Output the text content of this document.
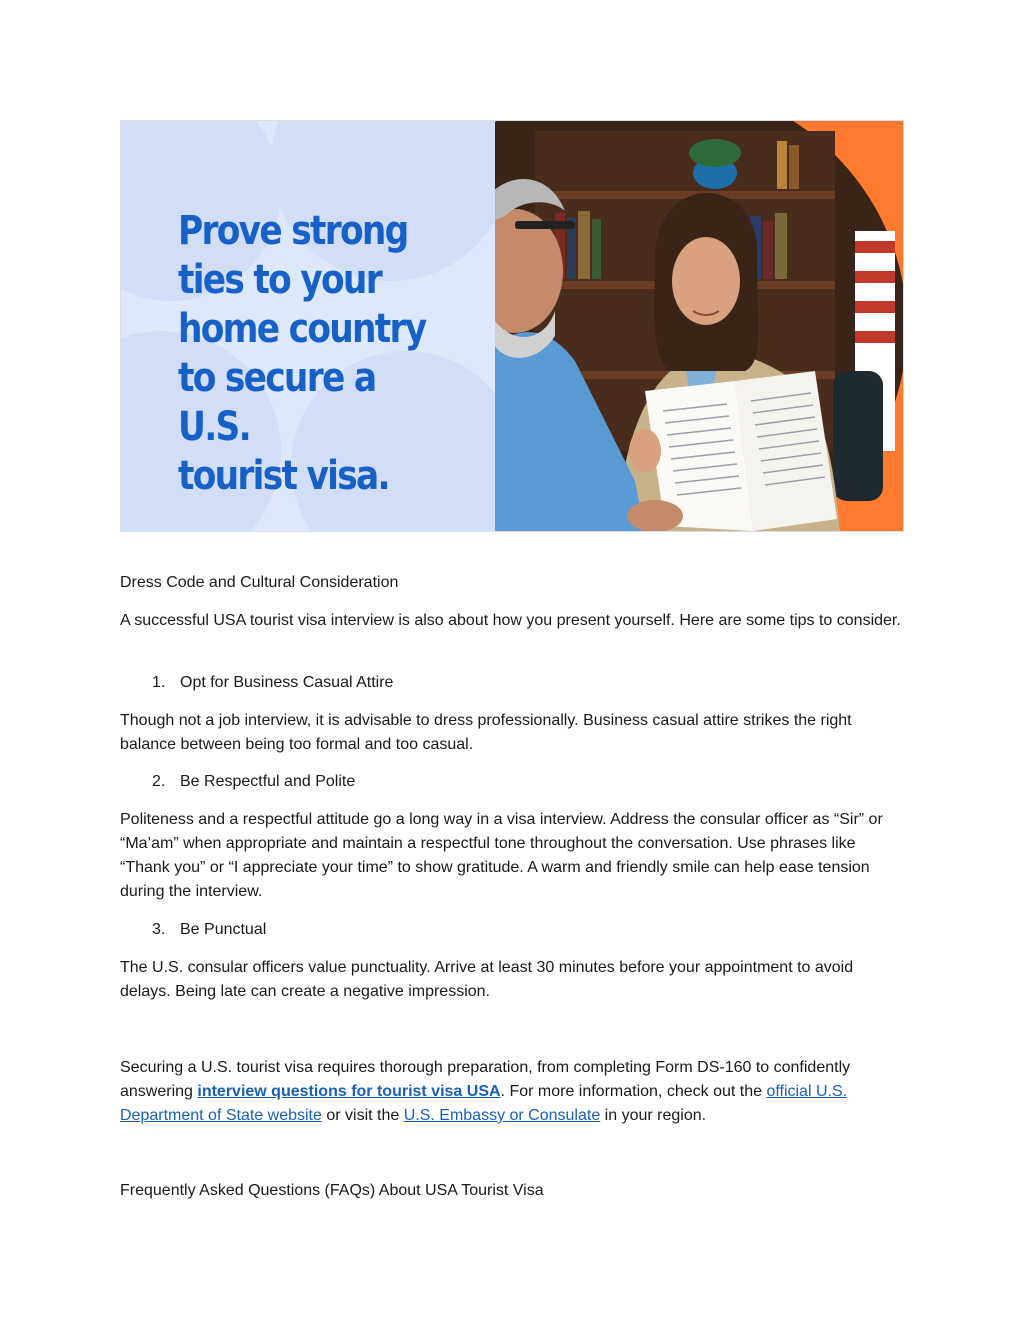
Prove strong
ties to your
home country
to secure a U.S.
tourist visa.

Dress Code and Cultural Consideration

A successful USA tourist visa interview is also about how you present yourself. Here are some tips to consider.

1. Opt for Business Casual Attire

Though not a job interview, it is advisable to dress professionally. Business casual attire strikes the right balance between being too formal and too casual.

2. Be Respectful and Polite

Politeness and a respectful attitude go a long way in a visa interview. Address the consular officer as “Sir” or “Ma’am” when appropriate and maintain a respectful tone throughout the conversation. Use phrases like “Thank you” or “I appreciate your time” to show gratitude. A warm and friendly smile can help ease tension during the interview.

3. Be Punctual

The U.S. consular officers value punctuality. Arrive at least 30 minutes before your appointment to avoid delays. Being late can create a negative impression.

Securing a U.S. tourist visa requires thorough preparation, from completing Form DS-160 to confidently answering interview questions for tourist visa USA. For more information, check out the official U.S. Department of State website or visit the U.S. Embassy or Consulate in your region.

Frequently Asked Questions (FAQs) About USA Tourist Visa
